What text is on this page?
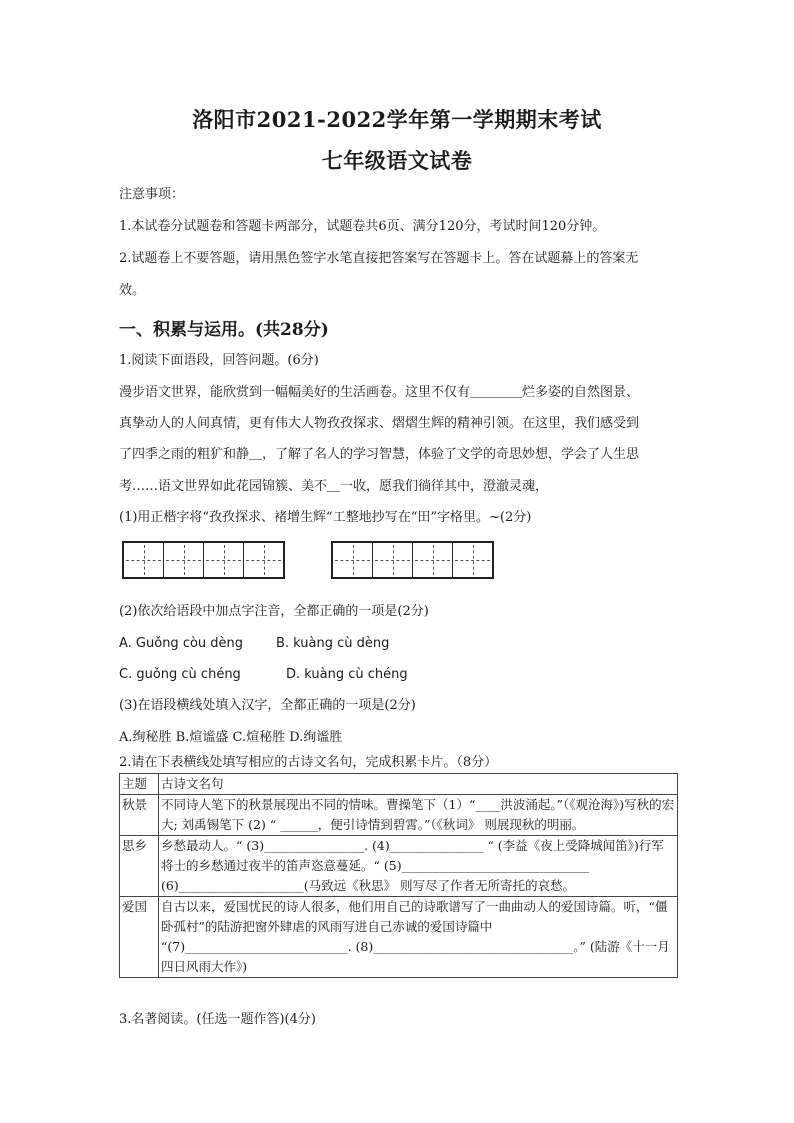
洛阳市2021-2022学年第一学期期末考试
七年级语文试卷
注意事项：
1.本试卷分试题卷和答题卡两部分，试题卷共6页、满分120分，考试时间120分钟。
2.试题卷上不要答题，请用黑色签字水笔直接把答案写在答题卡上。答在试题幕上的答案无
效。
一、积累与运用。(共28分)
1.阅读下面语段，回答问题。(6分)
漫步语文世界，能欣赏到一幅幅美好的生活画卷。这里不仅有＿＿＿＿烂多姿的自然图景、
真挚动人的人间真情，更有伟大人物孜孜探求、熠熠生辉的精神引领。在这里，我们感受到
了四季之雨的粗犷和静＿，了解了名人的学习智慧，体验了文学的奇思妙想，学会了人生思
考……语文世界如此花园锦簇、美不＿一收，愿我们徜徉其中，澄澈灵魂，
(1)用正楷字将“孜孜探求、褚增生辉“工整地抄写在“田”字格里。~(2分)
(2)依次给语段中加点字注音，全都正确的一项是(2分)
A. Guǒng còu dèng	B. kuàng cù dèng
C. guǒng cù chéng	D. kuàng cù chéng
(3)在语段横线处填入汉字，全都正确的一项是(2分)
A.绚秘胜 B.煊谧盛 C.煊秘胜 D.绚谧胜
2.请在下表横线处填写相应的古诗文名句，完成积累卡片。（8分）
主题	古诗文名句
秋景	不同诗人笔下的秋景展现出不同的情味。曹操笔下（1）“____洪波涌起。”（《观沧海》)写秋的宏大; 刘禹锡笔下 (2) “ ______，便引诗情到碧霄。”（《秋词》 则展现秋的明丽。
思乡	乡愁最动人。“ (3)________________. (4)_______________ “ (李益《夜上受降城闻笛》)行军将士的乡愁通过夜半的笛声恣意蔓延。“ (5)______________________________ (6)____________________(马致远《秋思》 则写尽了作者无所寄托的哀愁。
爱国	自古以来，爱国忧民的诗人很多，他们用自己的诗歌谱写了一曲曲动人的爱国诗篇。听，“僵卧孤村”的陆游把窗外肆虐的风雨写进自己赤诚的爱国诗篇中 “(7)__________________________. (8)________________________________。” (陆游《十一月四日风雨大作》)
3.名著阅读。(任选一题作答)(4分)
